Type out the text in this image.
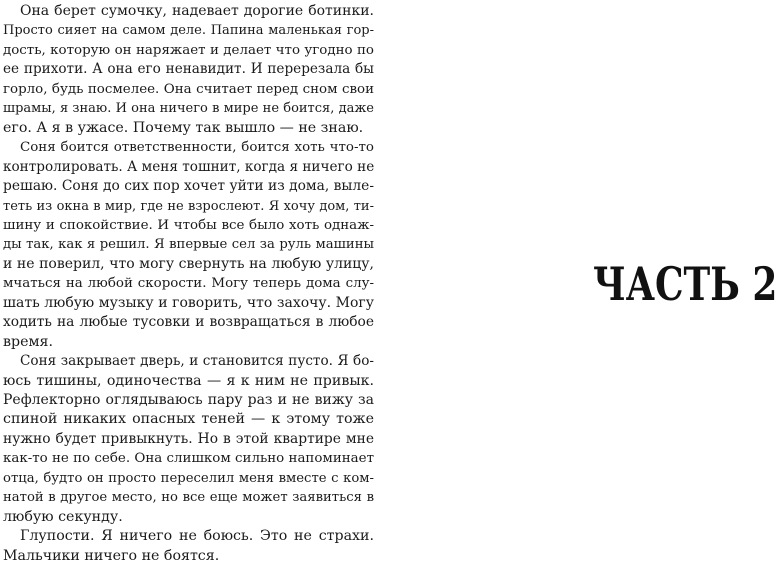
Она берет сумочку, надевает дорогие ботинки.
Просто сияет на самом деле. Папина маленькая гор-
дость, которую он наряжает и делает что угодно по
ее прихоти. А она его ненавидит. И перерезала бы
горло, будь посмелее. Она считает перед сном свои
шрамы, я знаю. И она ничего в мире не боится, даже
его. А я в ужасе. Почему так вышло — не знаю.
Соня боится ответственности, боится хоть что-то
контролировать. А меня тошнит, когда я ничего не
решаю. Соня до сих пор хочет уйти из дома, выле-
теть из окна в мир, где не взрослеют. Я хочу дом, ти-
шину и спокойствие. И чтобы все было хоть однаж-
ды так, как я решил. Я впервые сел за руль машины
и не поверил, что могу свернуть на любую улицу,
мчаться на любой скорости. Могу теперь дома слу-
шать любую музыку и говорить, что захочу. Могу
ходить на любые тусовки и возвращаться в любое
время.
Соня закрывает дверь, и становится пусто. Я бо-
юсь тишины, одиночества — я к ним не привык.
Рефлекторно оглядываюсь пару раз и не вижу за
спиной никаких опасных теней — к этому тоже
нужно будет привыкнуть. Но в этой квартире мне
как-то не по себе. Она слишком сильно напоминает
отца, будто он просто переселил меня вместе с ком-
натой в другое место, но все еще может заявиться в
любую секунду.
Глупости. Я ничего не боюсь. Это не страхи.
Мальчики ничего не боятся.
ЧАСТЬ 2
